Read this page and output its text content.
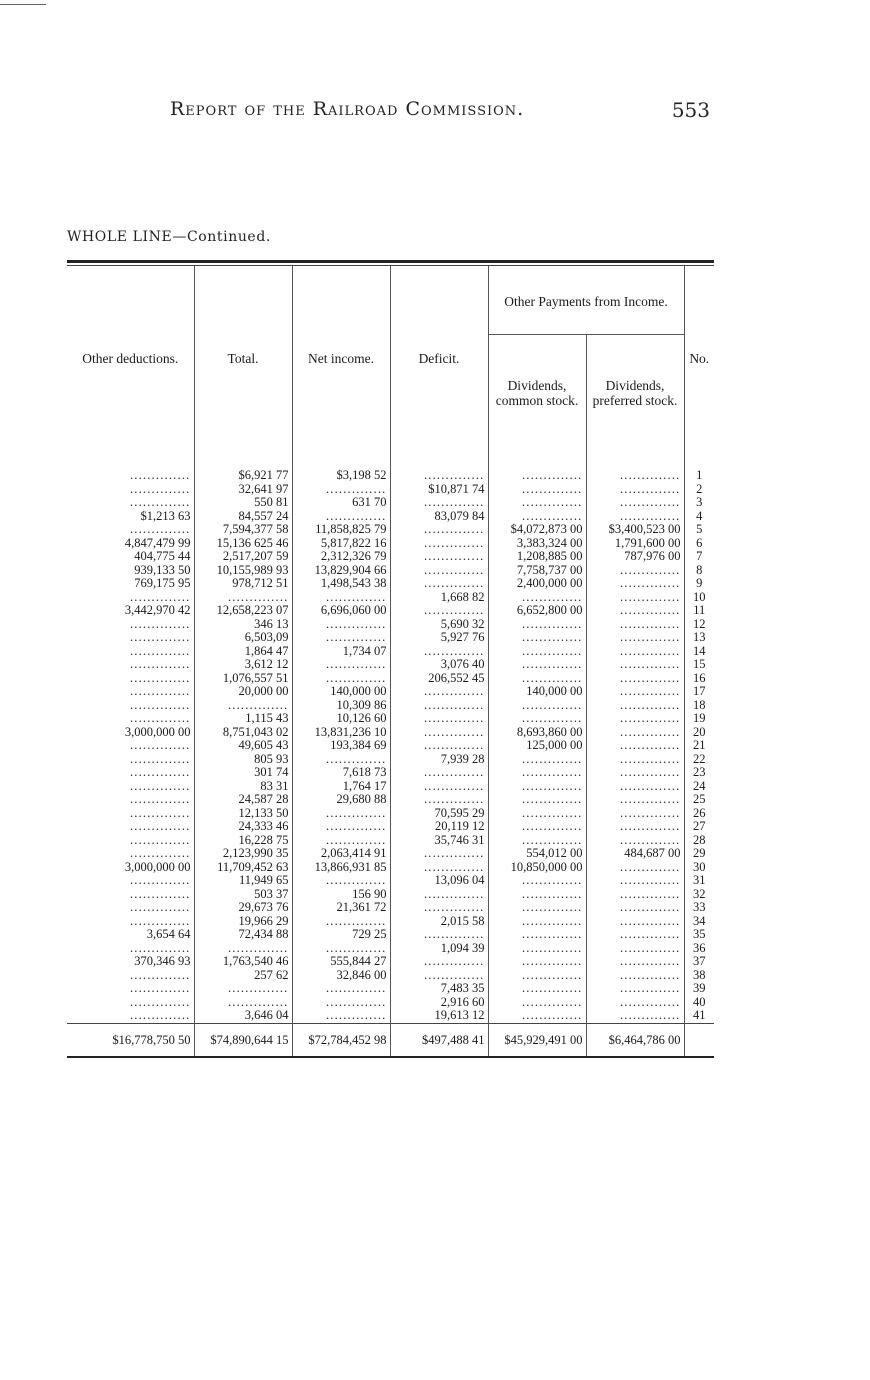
Report of the Railroad Commission.	553
WHOLE LINE—Continued.
Other deductions.	Total.	Net income.	Deficit.	Other Payments from Income.		No.
				Dividends, common stock.	Dividends, preferred stock.	
..............	$6,921 77	$3,198 52	..............	..............	..............	1
..............	32,641 97	..............	$10,871 74	..............	..............	2
..............	550 81	631 70	..............	..............	..............	3
$1,213 63	84,557 24	..............	83,079 84	..............	..............	4
..............	7,594,377 58	11,858,825 79	..............	$4,072,873 00	$3,400,523 00	5
4,847,479 99	15,136 625 46	5,817,822 16	..............	3,383,324 00	1,791,600 00	6
404,775 44	2,517,207 59	2,312,326 79	..............	1,208,885 00	787,976 00	7
939,133 50	10,155,989 93	13,829,904 66	..............	7,758,737 00	..............	8
769,175 95	978,712 51	1,498,543 38	..............	2,400,000 00	..............	9
..............	..............	..............	1,668 82	..............	..............	10
3,442,970 42	12,658,223 07	6,696,060 00	..............	6,652,800 00	..............	11
..............	346 13	..............	5,690 32	..............	..............	12
..............	6,503,09	..............	5,927 76	..............	..............	13
..............	1,864 47	1,734 07	..............	..............	..............	14
..............	3,612 12	..............	3,076 40	..............	..............	15
..............	1,076,557 51	..............	206,552 45	..............	..............	16
..............	20,000 00	140,000 00	..............	140,000 00	..............	17
..............	..............	10,309 86	..............	..............	..............	18
..............	1,115 43	10,126 60	..............	..............	..............	19
3,000,000 00	8,751,043 02	13,831,236 10	..............	8,693,860 00	..............	20
..............	49,605 43	193,384 69	..............	125,000 00	..............	21
..............	805 93	..............	7,939 28	..............	..............	22
..............	301 74	7,618 73	..............	..............	..............	23
..............	83 31	1,764 17	..............	..............	..............	24
..............	24,587 28	29,680 88	..............	..............	..............	25
..............	12,133 50	..............	70,595 29	..............	..............	26
..............	24,333 46	..............	20,119 12	..............	..............	27
..............	16,228 75	..............	35,746 31	..............	..............	28
..............	2,123,990 35	2,063,414 91	..............	554,012 00	484,687 00	29
3,000,000 00	11,709,452 63	13,866,931 85	..............	10,850,000 00	..............	30
..............	11,949 65	..............	13,096 04	..............	..............	31
..............	503 37	156 90	..............	..............	..............	32
..............	29,673 76	21,361 72	..............	..............	..............	33
..............	19,966 29	..............	2,015 58	..............	..............	34
3,654 64	72,434 88	729 25	..............	..............	..............	35
..............	..............	..............	1,094 39	..............	..............	36
370,346 93	1,763,540 46	555,844 27	..............	..............	..............	37
..............	257 62	32,846 00	..............	..............	..............	38
..............	..............	..............	7,483 35	..............	..............	39
..............	..............	..............	2,916 60	..............	..............	40
..............	3,646 04	..............	19,613 12	..............	..............	41
$16,778,750 50	$74,890,644 15	$72,784,452 98	$497,488 41	$45,929,491 00	$6,464,786 00	
